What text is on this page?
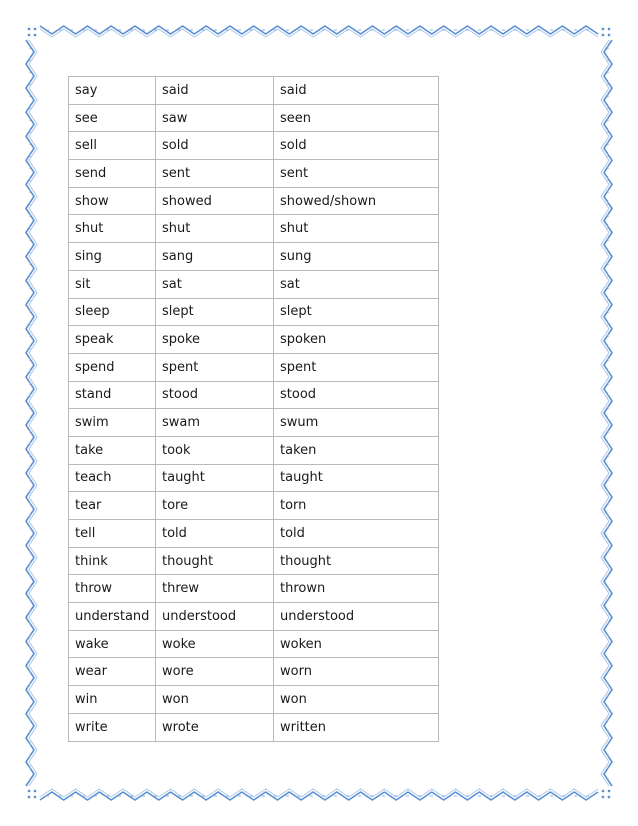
say	said	said
see	saw	seen
sell	sold	sold
send	sent	sent
show	showed	showed/shown
shut	shut	shut
sing	sang	sung
sit	sat	sat
sleep	slept	slept
speak	spoke	spoken
spend	spent	spent
stand	stood	stood
swim	swam	swum
take	took	taken
teach	taught	taught
tear	tore	torn
tell	told	told
think	thought	thought
throw	threw	thrown
understand	understood	understood
wake	woke	woken
wear	wore	worn
win	won	won
write	wrote	written
